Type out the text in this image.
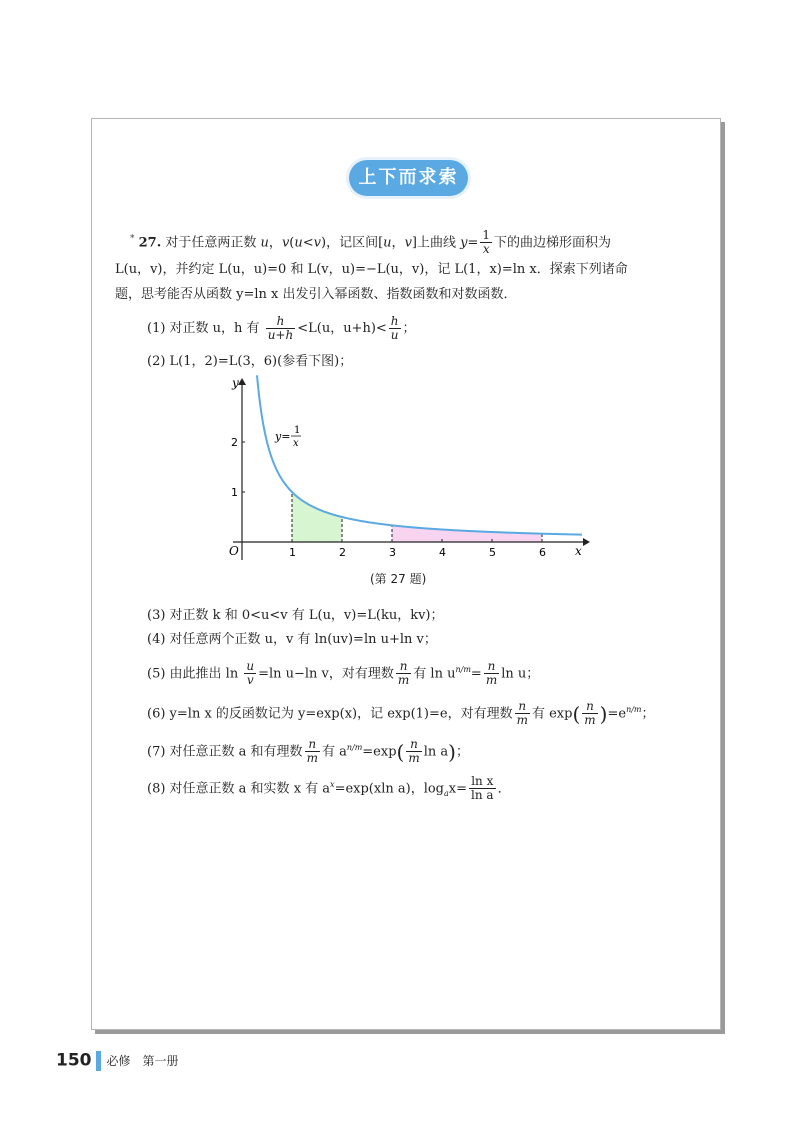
上下而求索
* 27. 对于任意两正数 u，v(u<v)，记区间[u，v]上曲线 $y= \frac{1}{x}$ 下的曲边梯形面积为
L(u，v)，并约定 L(u，u)=0 和 L(v，u)=−L(u，v)，记 L(1，x)=ln x．探索下列诸命
题，思考能否从函数 y=ln x 出发引入幂函数、指数函数和对数函数．
(1) 对正数 u，h 有 $\frac{h}{u+h} <L(u$，$u+h)< \frac{h}{u}$ ；
(2) L(1，2)=L(3，6)(参看下图)；
1	2	3	4	5	6
1
2
y
x
O
y= 1
x
(第 27 题)
(3) 对正数 k 和 0<u<v 有 L(u，v)=L(ku，kv)；
(4) 对任意两个正数 u，v 有 ln(uv)=ln u+ln v；
(5) 由此推出 $\ln \frac{u}{v} =\ln$ u−ln v，对有理数 $\frac{n}{m}$ 有 $\ln u^{n/m}= \frac{n}{m}$ ln u；
(6) y=ln x 的反函数记为 y=exp(x)，记 exp(1)=e，对有理数 $\frac{n}{m}$ 有 $\exp( \frac{n}{m} )=e^{n/m}$；
(7) 对任意正数 a 和有理数 $\frac{n}{m}$ 有 $a^{n/m}=\exp( \frac{n}{m}$ ln a)；
(8) 对任意正数 a 和实数 x 有 $a^x=\exp(xln$ a)，$\log_ax= \frac{\text{ln x}}{\text{ln a}}$ ．
150 必修　第一册
